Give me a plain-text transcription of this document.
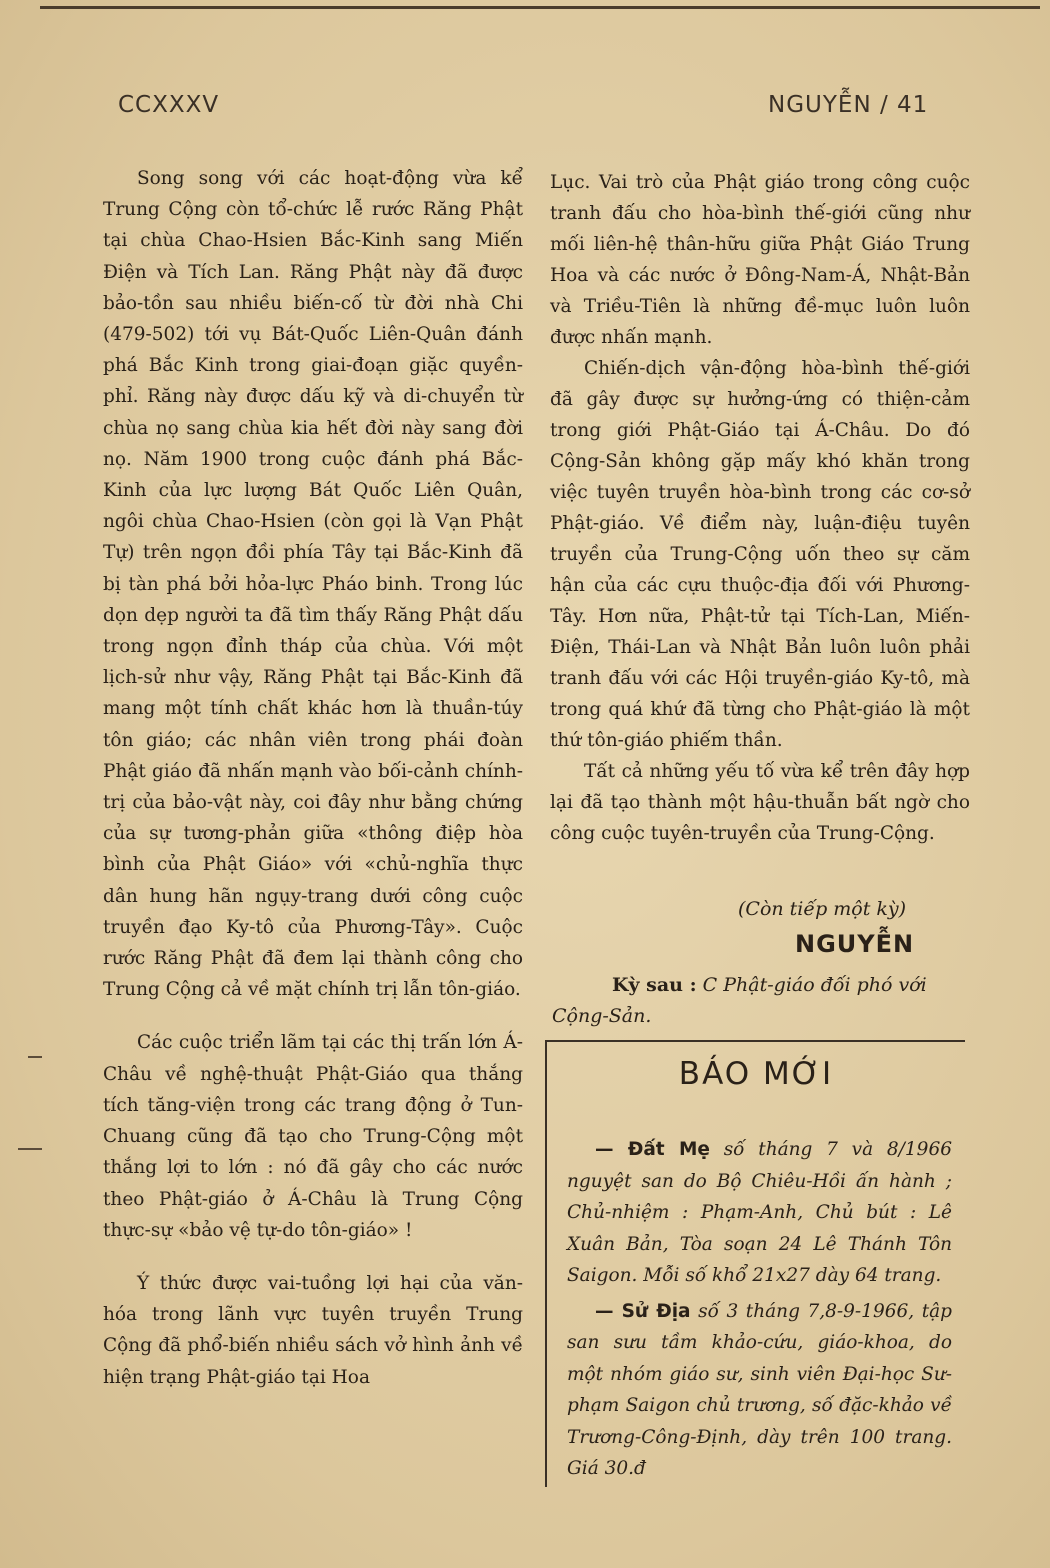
CCXXXV	NGUYỄN / 41

Song song với các hoạt-động vừa kể Trung Cộng còn tổ-chức lễ rước Răng Phật tại chùa Chao-Hsien Bắc-Kinh sang Miến Điện và Tích Lan. Răng Phật này đã được bảo-tồn sau nhiều biến-cố từ đời nhà Chi (479-502) tới vụ Bát-Quốc Liên-Quân đánh phá Bắc Kinh trong giai-đoạn giặc quyền-phỉ. Răng này được dấu kỹ và di-chuyển từ chùa nọ sang chùa kia hết đời này sang đời nọ. Năm 1900 trong cuộc đánh phá Bắc-Kinh của lực lượng Bát Quốc Liên Quân, ngôi chùa Chao-Hsien (còn gọi là Vạn Phật Tự) trên ngọn đồi phía Tây tại Bắc-Kinh đã bị tàn phá bởi hỏa-lực Pháo binh. Trong lúc dọn dẹp người ta đã tìm thấy Răng Phật dấu trong ngọn đỉnh tháp của chùa. Với một lịch-sử như vậy, Răng Phật tại Bắc-Kinh đã mang một tính chất khác hơn là thuần-túy tôn giáo; các nhân viên trong phái đoàn Phật giáo đã nhấn mạnh vào bối-cảnh chính-trị của bảo-vật này, coi đây như bằng chứng của sự tương-phản giữa «thông điệp hòa bình của Phật Giáo» với «chủ-nghĩa thực dân hung hãn ngụy-trang dưới công cuộc truyền đạo Ky-tô của Phương-Tây». Cuộc rước Răng Phật đã đem lại thành công cho Trung Cộng cả về mặt chính trị lẫn tôn-giáo.

Các cuộc triển lãm tại các thị trấn lớn Á-Châu về nghệ-thuật Phật-Giáo qua thắng tích tăng-viện trong các trang động ở Tun-Chuang cũng đã tạo cho Trung-Cộng một thắng lợi to lớn : nó đã gây cho các nước theo Phật-giáo ở Á-Châu là Trung Cộng thực-sự «bảo vệ tự-do tôn-giáo» !

Ý thức được vai-tuồng lợi hại của văn-hóa trong lãnh vực tuyên truyền Trung Cộng đã phổ-biến nhiều sách vở hình ảnh về hiện trạng Phật-giáo tại Hoa

Lục. Vai trò của Phật giáo trong công cuộc tranh đấu cho hòa-bình thế-giới cũng như mối liên-hệ thân-hữu giữa Phật Giáo Trung Hoa và các nước ở Đông-Nam-Á, Nhật-Bản và Triều-Tiên là những đề-mục luôn luôn được nhấn mạnh.

Chiến-dịch vận-động hòa-bình thế-giới đã gây được sự hưởng-ứng có thiện-cảm trong giới Phật-Giáo tại Á-Châu. Do đó Cộng-Sản không gặp mấy khó khăn trong việc tuyên truyền hòa-bình trong các cơ-sở Phật-giáo. Về điểm này, luận-điệu tuyên truyền của Trung-Cộng uốn theo sự căm hận của các cựu thuộc-địa đối với Phương-Tây. Hơn nữa, Phật-tử tại Tích-Lan, Miến-Điện, Thái-Lan và Nhật Bản luôn luôn phải tranh đấu với các Hội truyền-giáo Ky-tô, mà trong quá khứ đã từng cho Phật-giáo là một thứ tôn-giáo phiếm thần.

Tất cả những yếu tố vừa kể trên đây hợp lại đã tạo thành một hậu-thuẫn bất ngờ cho công cuộc tuyên-truyền của Trung-Cộng.

(Còn tiếp một kỳ)
NGUYỄN
Kỳ sau : C Phật-giáo đối phó với Cộng-Sản.
BÁO MỚI

— Đất Mẹ số tháng 7 và 8/1966 nguyệt san do Bộ Chiêu-Hồi ấn hành ; Chủ-nhiệm : Phạm-Anh, Chủ bút : Lê Xuân Bản, Tòa soạn 24 Lê Thánh Tôn Saigon. Mỗi số khổ 21x27 dày 64 trang.

— Sử Địa số 3 tháng 7,8-9-1966, tập san sưu tầm khảo-cứu, giáo-khoa, do một nhóm giáo sư, sinh viên Đại-học Sư-phạm Saigon chủ trương, số đặc-khảo về Trương-Công-Định, dày trên 100 trang. Giá 30.đ
